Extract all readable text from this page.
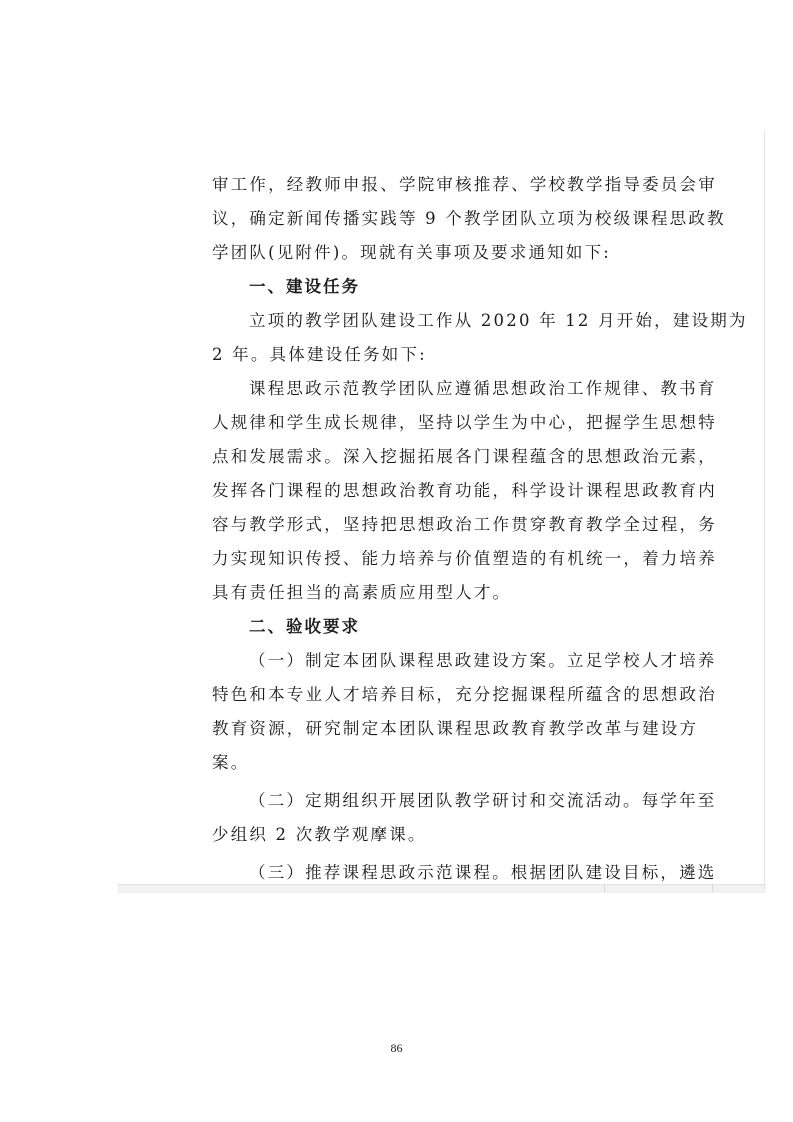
审工作，经教师申报、学院审核推荐、学校教学指导委员会审
议，确定新闻传播实践等 9 个教学团队立项为校级课程思政教
学团队(见附件)。现就有关事项及要求通知如下:
一、建设任务
立项的教学团队建设工作从 2020 年 12 月开始，建设期为
2 年。具体建设任务如下:
课程思政示范教学团队应遵循思想政治工作规律、教书育
人规律和学生成长规律，坚持以学生为中心，把握学生思想特
点和发展需求。深入挖掘拓展各门课程蕴含的思想政治元素，
发挥各门课程的思想政治教育功能，科学设计课程思政教育内
容与教学形式，坚持把思想政治工作贯穿教育教学全过程，务
力实现知识传授、能力培养与价值塑造的有机统一，着力培养
具有责任担当的高素质应用型人才。
二、验收要求
（一）制定本团队课程思政建设方案。立足学校人才培养
特色和本专业人才培养目标，充分挖掘课程所蕴含的思想政治
教育资源，研究制定本团队课程思政教育教学改革与建设方
案。
（二）定期组织开展团队教学研讨和交流活动。每学年至
少组织 2 次教学观摩课。
（三）推荐课程思政示范课程。根据团队建设目标，遴选
86
